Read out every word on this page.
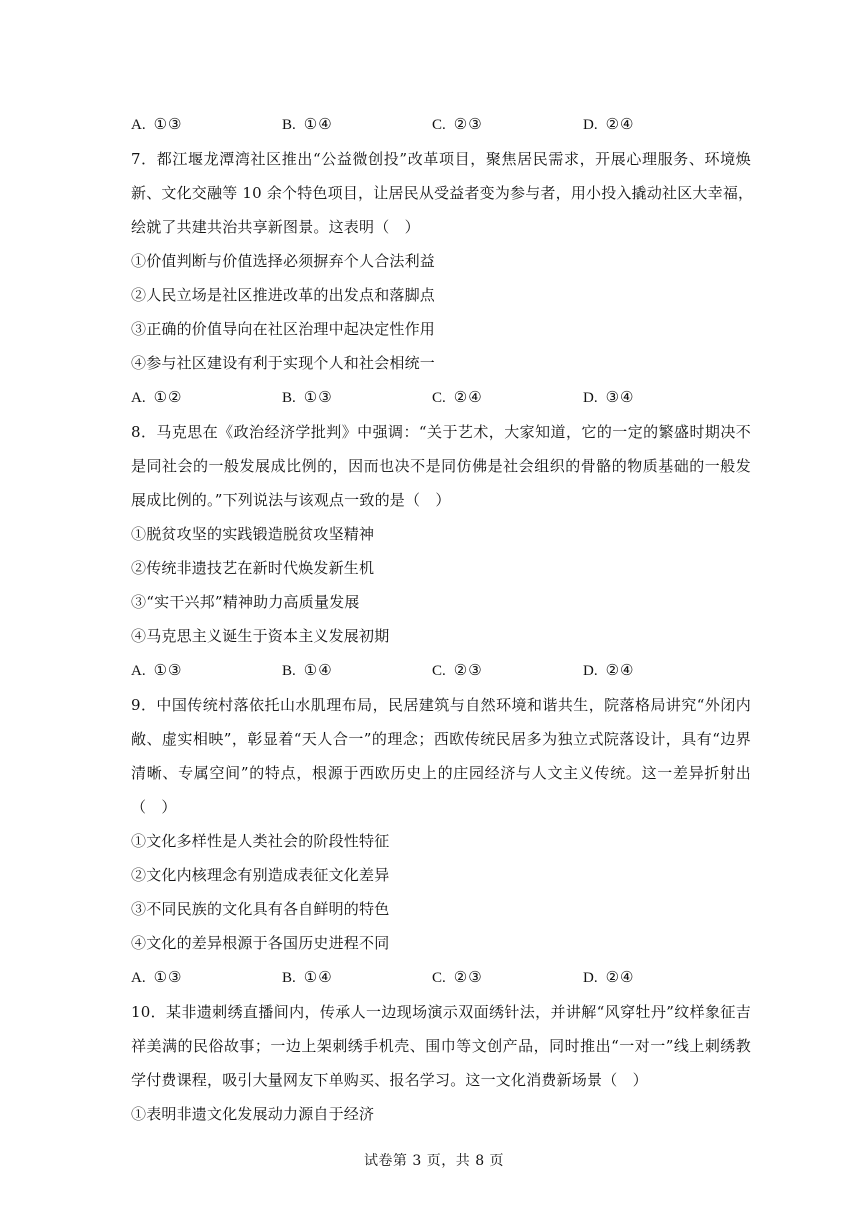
A. ①③	B. ①④	C. ②③	D. ②④
7．都江堰龙潭湾社区推出“公益微创投”改革项目，聚焦居民需求，开展心理服务、环境焕
新、文化交融等 10 余个特色项目，让居民从受益者变为参与者，用小投入撬动社区大幸福，
绘就了共建共治共享新图景。这表明（　）
①价值判断与价值选择必须摒弃个人合法利益
②人民立场是社区推进改革的出发点和落脚点
③正确的价值导向在社区治理中起决定性作用
④参与社区建设有利于实现个人和社会相统一
A. ①②	B. ①③	C. ②④	D. ③④
8．马克思在《政治经济学批判》中强调：“关于艺术，大家知道，它的一定的繁盛时期决不
是同社会的一般发展成比例的，因而也决不是同仿佛是社会组织的骨骼的物质基础的一般发
展成比例的。”下列说法与该观点一致的是（　）
①脱贫攻坚的实践锻造脱贫攻坚精神
②传统非遗技艺在新时代焕发新生机
③“实干兴邦”精神助力高质量发展
④马克思主义诞生于资本主义发展初期
A. ①③	B. ①④	C. ②③	D. ②④
9．中国传统村落依托山水肌理布局，民居建筑与自然环境和谐共生，院落格局讲究“外闭内
敞、虚实相映”，彰显着“天人合一”的理念；西欧传统民居多为独立式院落设计，具有“边界
清晰、专属空间”的特点，根源于西欧历史上的庄园经济与人文主义传统。这一差异折射出
（　）
①文化多样性是人类社会的阶段性特征
②文化内核理念有别造成表征文化差异
③不同民族的文化具有各自鲜明的特色
④文化的差异根源于各国历史进程不同
A. ①③	B. ①④	C. ②③	D. ②④
10．某非遗刺绣直播间内，传承人一边现场演示双面绣针法，并讲解“风穿牡丹”纹样象征吉
祥美满的民俗故事；一边上架刺绣手机壳、围巾等文创产品，同时推出“一对一”线上刺绣教
学付费课程，吸引大量网友下单购买、报名学习。这一文化消费新场景（　）
①表明非遗文化发展动力源自于经济
试卷第 3 页，共 8 页
